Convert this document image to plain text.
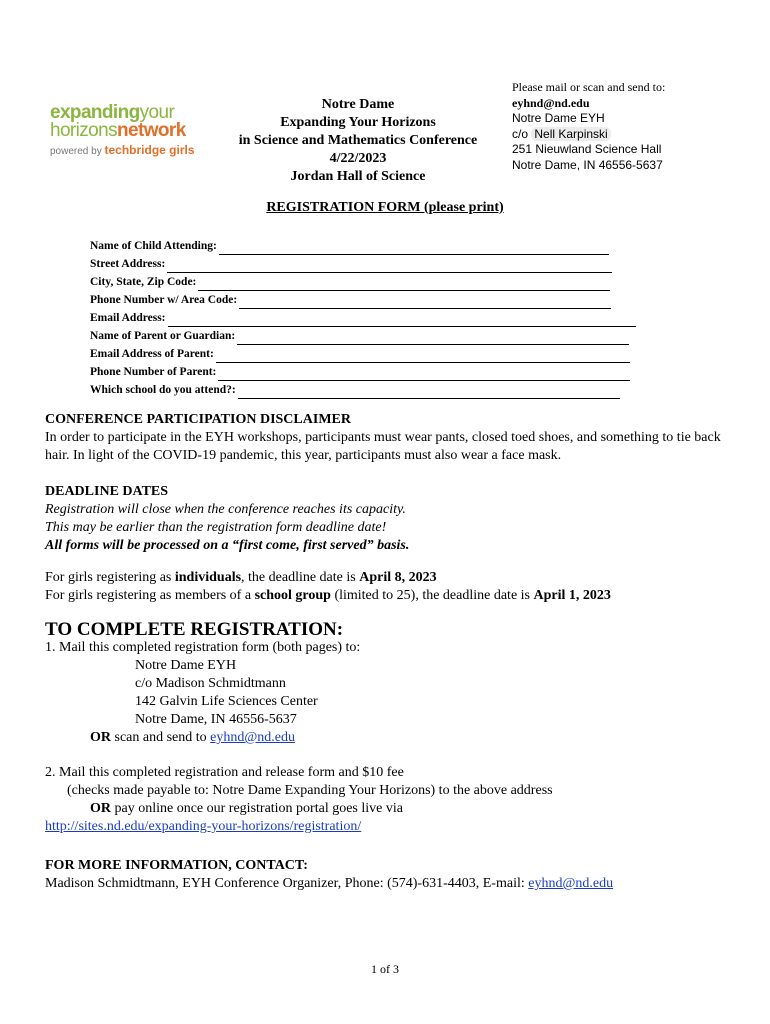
expandingyour
horizonsnetwork
powered by techbridge girls
Notre Dame
Expanding Your Horizons
in Science and Mathematics Conference
4/22/2023
Jordan Hall of Science
Please mail or scan and send to:
eyhnd@nd.edu
Notre Dame EYH
c/o Nell Karpinski
251 Nieuwland Science Hall
Notre Dame, IN 46556-5637
REGISTRATION FORM (please print)
Name of Child Attending:
Street Address:
City, State, Zip Code:
Phone Number w/ Area Code:
Email Address:
Name of Parent or Guardian:
Email Address of Parent:
Phone Number of Parent:
Which school do you attend?:
CONFERENCE PARTICIPATION DISCLAIMER
In order to participate in the EYH workshops, participants must wear pants, closed toed shoes, and something to tie back hair. In light of the COVID-19 pandemic, this year, participants must also wear a face mask.
DEADLINE DATES
Registration will close when the conference reaches its capacity.
This may be earlier than the registration form deadline date!
All forms will be processed on a “first come, first served” basis.
For girls registering as individuals, the deadline date is April 8, 2023
For girls registering as members of a school group (limited to 25), the deadline date is April 1, 2023
TO COMPLETE REGISTRATION:
1. Mail this completed registration form (both pages) to:
Notre Dame EYH
c/o Madison Schmidtmann
142 Galvin Life Sciences Center
Notre Dame, IN 46556-5637
OR scan and send to eyhnd@nd.edu
2. Mail this completed registration and release form and $10 fee
(checks made payable to: Notre Dame Expanding Your Horizons) to the above address
OR pay online once our registration portal goes live via
http://sites.nd.edu/expanding-your-horizons/registration/
FOR MORE INFORMATION, CONTACT:
Madison Schmidtmann, EYH Conference Organizer, Phone: (574)-631-4403, E-mail: eyhnd@nd.edu
1 of 3
